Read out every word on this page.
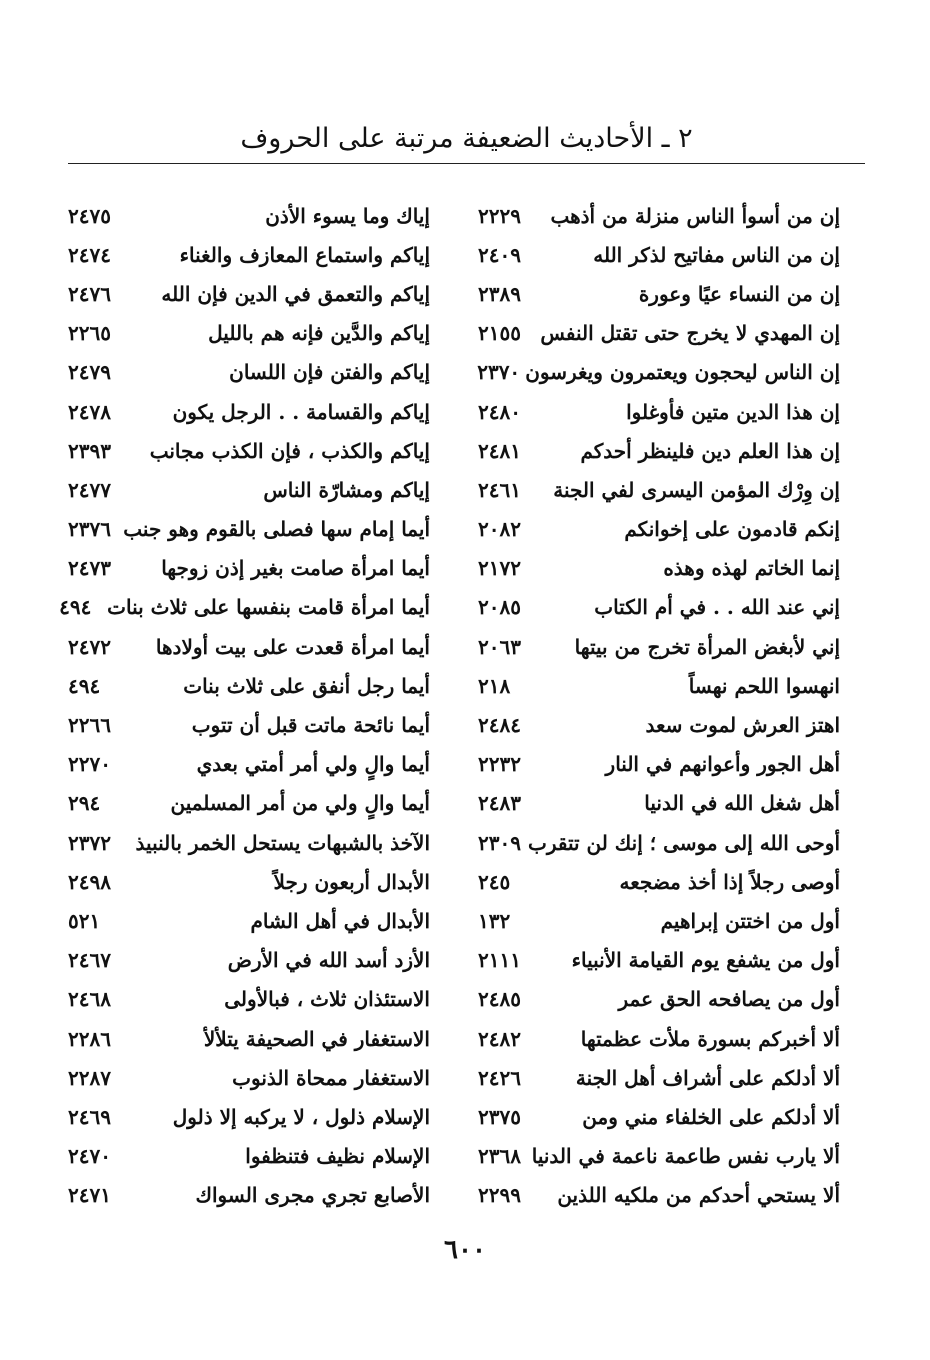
٢ ـ الأحاديث الضعيفة مرتبة على الحروف
إن من أسوأ الناس منزلة من أذهب
٢٢٢٩
إن من الناس مفاتيح لذكر الله
٢٤٠٩
إن من النساء عيًا وعورة
٢٣٨٩
إن المهدي لا يخرج حتى تقتل النفس
٢١٥٥
إن الناس ليحجون ويعتمرون ويغرسون
٢٣٧٠
إن هذا الدين متين فأوغلوا
٢٤٨٠
إن هذا العلم دين فلينظر أحدكم
٢٤٨١
إن وِرْك المؤمن اليسرى لفي الجنة
٢٤٦١
إنكم قادمون على إخوانكم
٢٠٨٢
إنما الخاتم لهذه وهذه
٢١٧٢
إني عند الله . . في أم الكتاب
٢٠٨٥
إني لأبغض المرأة تخرج من بيتها
٢٠٦٣
انهسوا اللحم نهساً
٢١٨
اهتز العرش لموت سعد
٢٤٨٤
أهل الجور وأعوانهم في النار
٢٢٣٢
أهل شغل الله في الدنيا
٢٤٨٣
أوحى الله إلى موسى ؛ إنك لن تتقرب
٢٣٠٩
أوصى رجلاً إذا أخذ مضجعه
٢٤٥
أول من اختتن إبراهيم
١٣٢
أول من يشفع يوم القيامة الأنبياء
٢١١١
أول من يصافحه الحق عمر
٢٤٨٥
ألا أخبركم بسورة ملأت عظمتها
٢٤٨٢
ألا أدلكم على أشراف أهل الجنة
٢٤٢٦
ألا أدلكم على الخلفاء مني ومن
٢٣٧٥
ألا يارب نفس طاعمة ناعمة في الدنيا
٢٣٦٨
ألا يستحي أحدكم من ملكيه اللذين
٢٢٩٩
إياك وما يسوء الأذن
٢٤٧٥
إياكم واستماع المعازف والغناء
٢٤٧٤
إياكم والتعمق في الدين فإن الله
٢٤٧٦
إياكم والدَّين فإنه هم بالليل
٢٢٦٥
إياكم والفتن فإن اللسان
٢٤٧٩
إياكم والقسامة . . الرجل يكون
٢٤٧٨
إياكم والكذب ، فإن الكذب مجانب
٢٣٩٣
إياكم ومشارّة الناس
٢٤٧٧
أيما إمام سها فصلى بالقوم وهو جنب
٢٣٧٦
أيما امرأة صامت بغير إذن زوجها
٢٤٧٣
أيما امرأة قامت بنفسها على ثلاث بنات
٤٩٤
أيما امرأة قعدت على بيت أولادها
٢٤٧٢
أيما رجل أنفق على ثلاث بنات
٤٩٤
أيما نائحة ماتت قبل أن تتوب
٢٢٦٦
أيما والٍ ولي أمر أمتي بعدي
٢٢٧٠
أيما والٍ ولي من أمر المسلمين
٢٩٤
الآخذ بالشبهات يستحل الخمر بالنبيذ
٢٣٧٢
الأبدال أربعون رجلاً
٢٤٩٨
الأبدال في أهل الشام
٥٢١
الأزد أسد الله في الأرض
٢٤٦٧
الاستئذان ثلاث ، فبالأولى
٢٤٦٨
الاستغفار في الصحيفة يتلألأ
٢٢٨٦
الاستغفار ممحاة الذنوب
٢٢٨٧
الإسلام ذلول ، لا يركبه إلا ذلول
٢٤٦٩
الإسلام نظيف فتنظفوا
٢٤٧٠
الأصابع تجري مجرى السواك
٢٤٧١
٦٠٠
